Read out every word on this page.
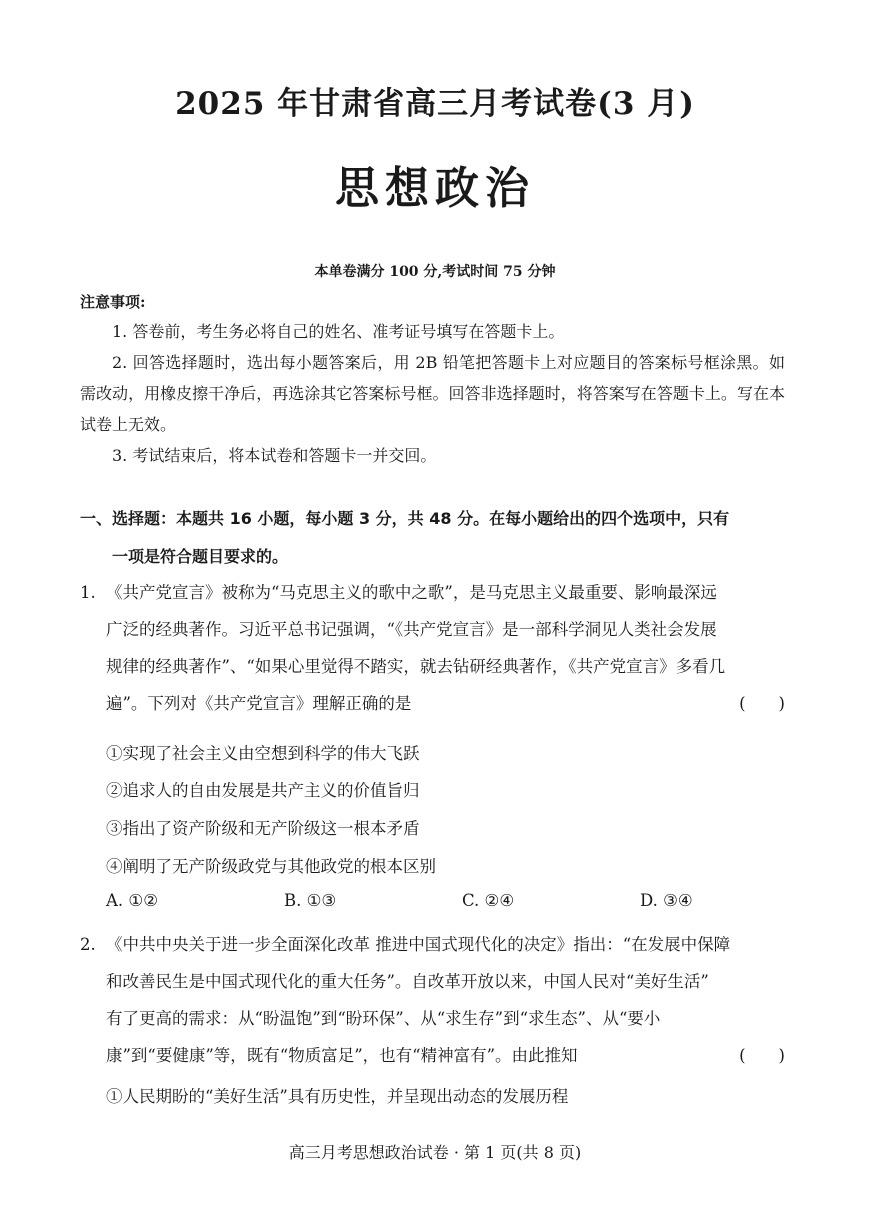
2025 年甘肃省高三月考试卷(3 月)
思想政治
本单卷满分 100 分,考试时间 75 分钟
注意事项:
1. 答卷前，考生务必将自己的姓名、准考证号填写在答题卡上。
2. 回答选择题时，选出每小题答案后，用 2B 铅笔把答题卡上对应题目的答案标号框涂黑。如需改动，用橡皮擦干净后，再选涂其它答案标号框。回答非选择题时，将答案写在答题卡上。写在本试卷上无效。
3. 考试结束后，将本试卷和答题卡一并交回。
一、选择题：本题共 16 小题，每小题 3 分，共 48 分。在每小题给出的四个选项中，只有
一项是符合题目要求的。
1. 《共产党宣言》被称为“马克思主义的歌中之歌”，是马克思主义最重要、影响最深远
广泛的经典著作。习近平总书记强调，“《共产党宣言》是一部科学洞见人类社会发展
规律的经典著作”、“如果心里觉得不踏实，就去钻研经典著作，《共产党宣言》多看几
遍”。下列对《共产党宣言》理解正确的是	(　　)
①实现了社会主义由空想到科学的伟大飞跃
②追求人的自由发展是共产主义的价值旨归
③指出了资产阶级和无产阶级这一根本矛盾
④阐明了无产阶级政党与其他政党的根本区别
A. ①②	B. ①③	C. ②④	D. ③④
2. 《中共中央关于进一步全面深化改革 推进中国式现代化的决定》指出：“在发展中保障
和改善民生是中国式现代化的重大任务”。自改革开放以来，中国人民对“美好生活”
有了更高的需求：从“盼温饱”到“盼环保”、从“求生存”到“求生态”、从“要小
康”到“要健康”等，既有“物质富足”，也有“精神富有”。由此推知	(　　)
①人民期盼的“美好生活”具有历史性，并呈现出动态的发展历程
高三月考思想政治试卷 · 第 1 页(共 8 页)
